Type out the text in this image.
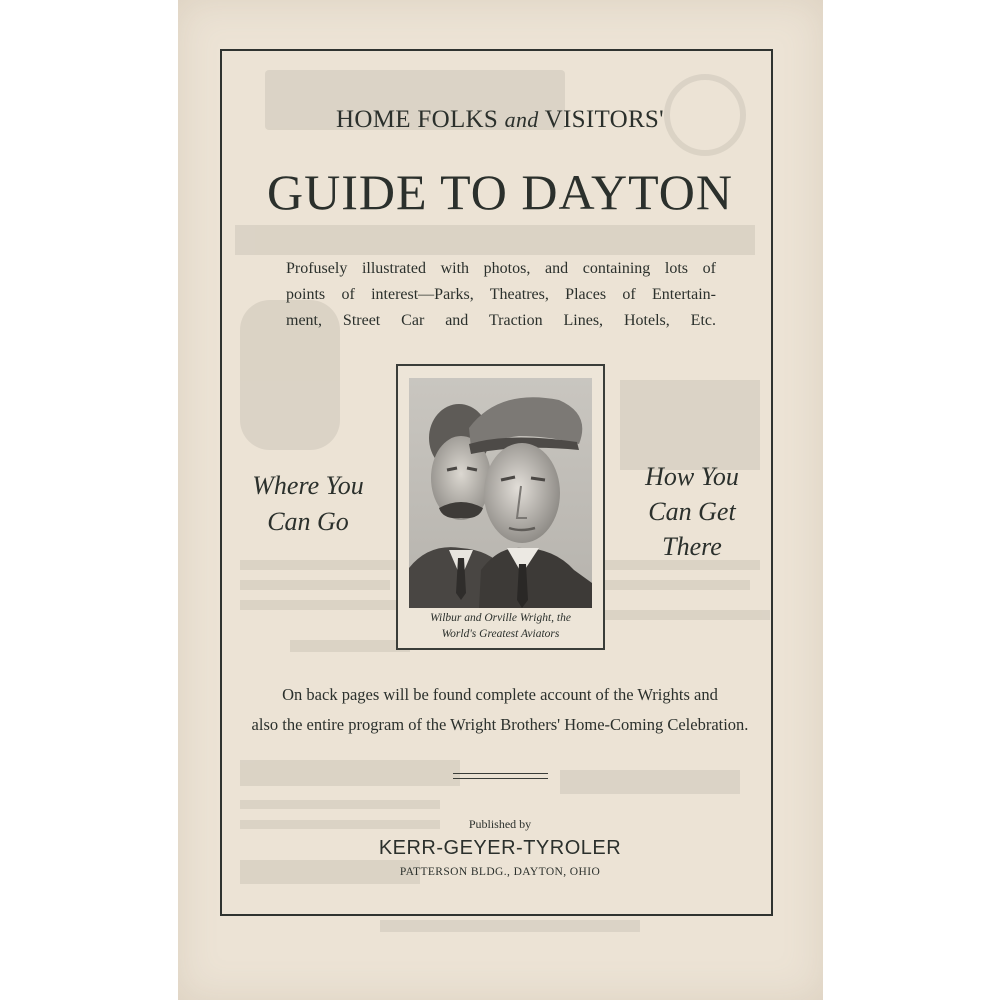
HOME FOLKS and VISITORS'
GUIDE TO DAYTON
Profusely illustrated with photos, and containing lots of
points of interest—Parks, Theatres, Places of Entertain-
ment, Street Car and Traction Lines, Hotels, Etc.
Where You
Can Go
How You
Can Get
There
Wilbur and Orville Wright, the
World's Greatest Aviators
On back pages will be found complete account of the Wrights and
also the entire program of the Wright Brothers' Home-Coming Celebration.
Published by
KERR-GEYER-TYROLER
PATTERSON BLDG., DAYTON, OHIO
